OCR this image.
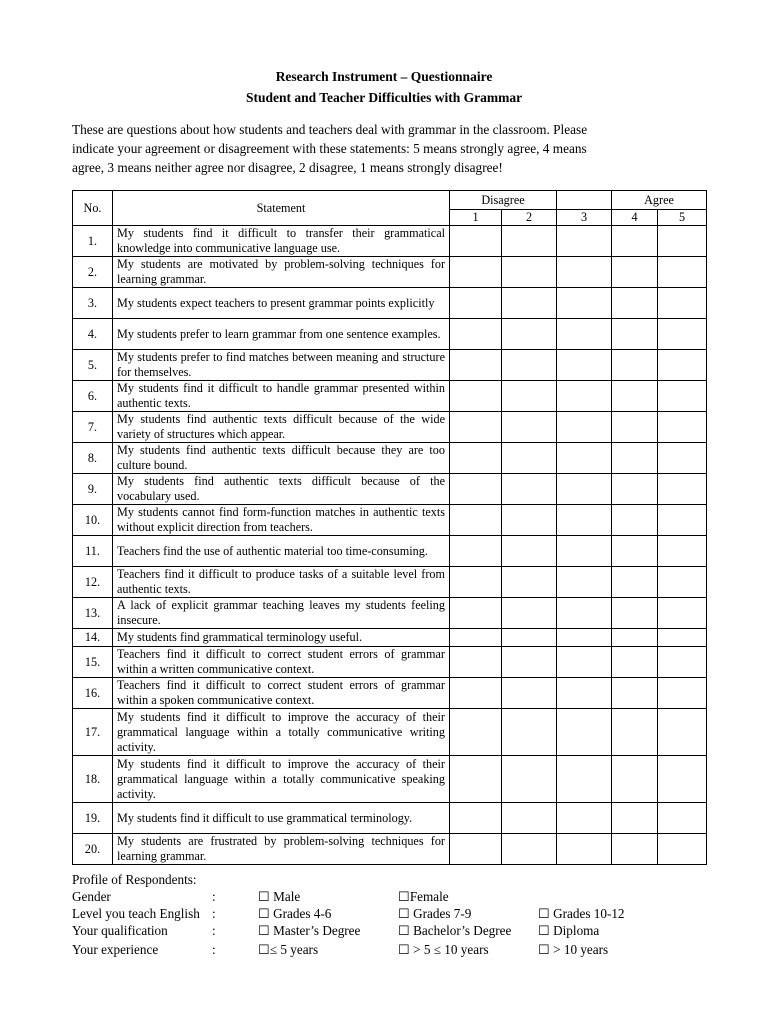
Research Instrument – Questionnaire
Student and Teacher Difficulties with Grammar

These are questions about how students and teachers deal with grammar in the classroom. Please
indicate your agreement or disagreement with these statements: 5 means strongly agree, 4 means
agree, 3 means neither agree nor disagree, 2 disagree, 1 means strongly disagree!

No.	Statement	Disagree			Agree	
		1	2	3	4	5
1.	My students find it difficult to transfer their grammatical knowledge into communicative language use.					
2.	My students are motivated by problem-solving techniques for learning grammar.					
3.	My students expect teachers to present grammar points explicitly					
4.	My students prefer to learn grammar from one sentence examples.					
5.	My students prefer to find matches between meaning and structure for themselves.					
6.	My students find it difficult to handle grammar presented within authentic texts.					
7.	My students find authentic texts difficult because of the wide variety of structures which appear.					
8.	My students find authentic texts difficult because they are too culture bound.					
9.	My students find authentic texts difficult because of the vocabulary used.					
10.	My students cannot find form-function matches in authentic texts without explicit direction from teachers.					
11.	Teachers find the use of authentic material too time-consuming.					
12.	Teachers find it difficult to produce tasks of a suitable level from authentic texts.					
13.	A lack of explicit grammar teaching leaves my students feeling insecure.					
14.	My students find grammatical terminology useful.					
15.	Teachers find it difficult to correct student errors of grammar within a written communicative context.					
16.	Teachers find it difficult to correct student errors of grammar within a spoken communicative context.					
17.	My students find it difficult to improve the accuracy of their grammatical language within a totally communicative writing activity.					
18.	My students find it difficult to improve the accuracy of their grammatical language within a totally communicative speaking activity.					
19.	My students find it difficult to use grammatical terminology.					
20.	My students are frustrated by problem-solving techniques for learning grammar.					
Profile of Respondents:
Gender	:	☐ Male	☐Female
Level you teach English :	☐ Grades 4-6	☐ Grades 7-9	☐ Grades 10-12
Your qualification	:	☐ Master’s Degree	☐ Bachelor’s Degree ☐ Diploma
Your experience	:	☐≤ 5 years	☐ > 5 ≤ 10 years	☐ > 10 years
